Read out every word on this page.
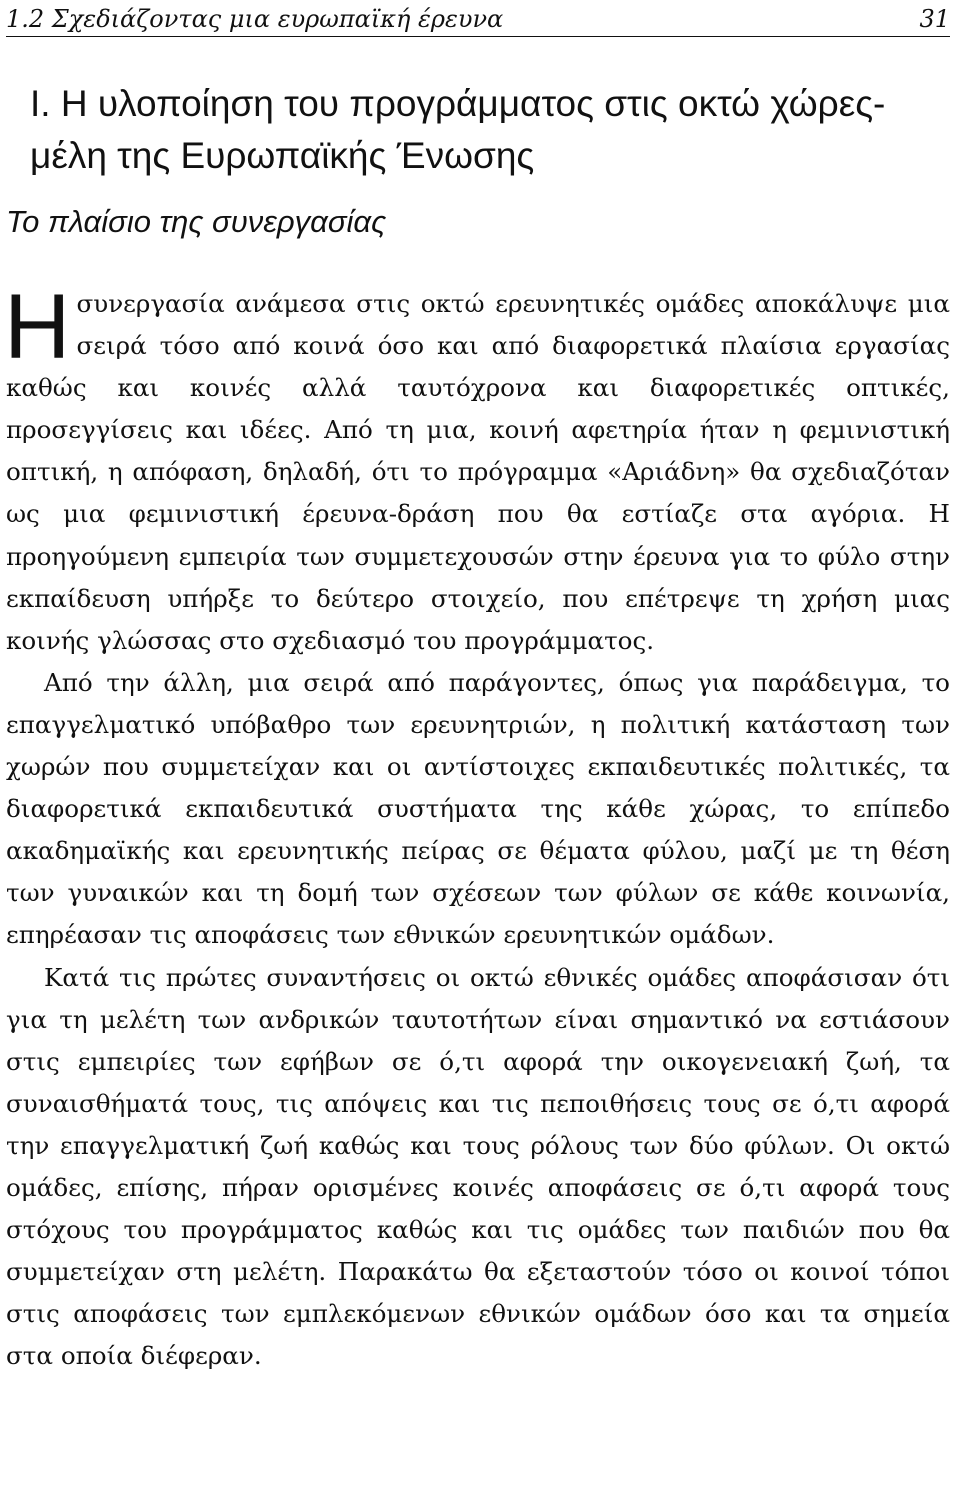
1.2 Σχεδιάζοντας μια ευρωπαϊκή έρευνα	31
I. Η υλοποίηση του προγράμματος στις οκτώ χώρες-μέλη της Ευρωπαϊκής Ένωσης
Το πλαίσιο της συνεργασίας

Ησυνεργασία ανάμεσα στις οκτώ ερευνητικές ομάδες αποκάλυψε μια σειρά τόσο από κοινά όσο και από διαφορετικά πλαίσια εργασίας καθώς και κοινές αλλά ταυτόχρονα και διαφορετικές οπτικές, προσεγγίσεις και ιδέες. Από τη μια, κοινή αφετηρία ήταν η φεμινιστική οπτική, η απόφαση, δηλαδή, ότι το πρόγραμμα «Αριάδνη» θα σχεδιαζόταν ως μια φεμινιστική έρευνα-δράση που θα εστίαζε στα αγόρια. Η προηγούμενη εμπειρία των συμμετεχουσών στην έρευνα για το φύλο στην εκπαίδευση υπήρξε το δεύτερο στοιχείο, που επέτρεψε τη χρήση μιας κοινής γλώσσας στο σχεδιασμό του προγράμματος.

Από την άλλη, μια σειρά από παράγοντες, όπως για παράδειγμα, το επαγγελματικό υπόβαθρο των ερευνητριών, η πολιτική κατάσταση των χωρών που συμμετείχαν και οι αντίστοιχες εκπαιδευτικές πολιτικές, τα διαφορετικά εκπαιδευτικά συστήματα της κάθε χώρας, το επίπεδο ακαδημαϊκής και ερευνητικής πείρας σε θέματα φύλου, μαζί με τη θέση των γυναικών και τη δομή των σχέσεων των φύλων σε κάθε κοινωνία, επηρέασαν τις αποφάσεις των εθνικών ερευνητικών ομάδων.

Κατά τις πρώτες συναντήσεις οι οκτώ εθνικές ομάδες αποφάσισαν ότι για τη μελέτη των ανδρικών ταυτοτήτων είναι σημαντικό να εστιάσουν στις εμπειρίες των εφήβων σε ό,τι αφορά την οικογενειακή ζωή, τα συναισθήματά τους, τις απόψεις και τις πεποιθήσεις τους σε ό,τι αφορά την επαγγελματική ζωή καθώς και τους ρόλους των δύο φύλων. Οι οκτώ ομάδες, επίσης, πήραν ορισμένες κοινές αποφάσεις σε ό,τι αφορά τους στόχους του προγράμματος καθώς και τις ομάδες των παιδιών που θα συμμετείχαν στη μελέτη. Παρακάτω θα εξεταστούν τόσο οι κοινοί τόποι στις αποφάσεις των εμπλεκόμενων εθνικών ομάδων όσο και τα σημεία στα οποία διέφεραν.
